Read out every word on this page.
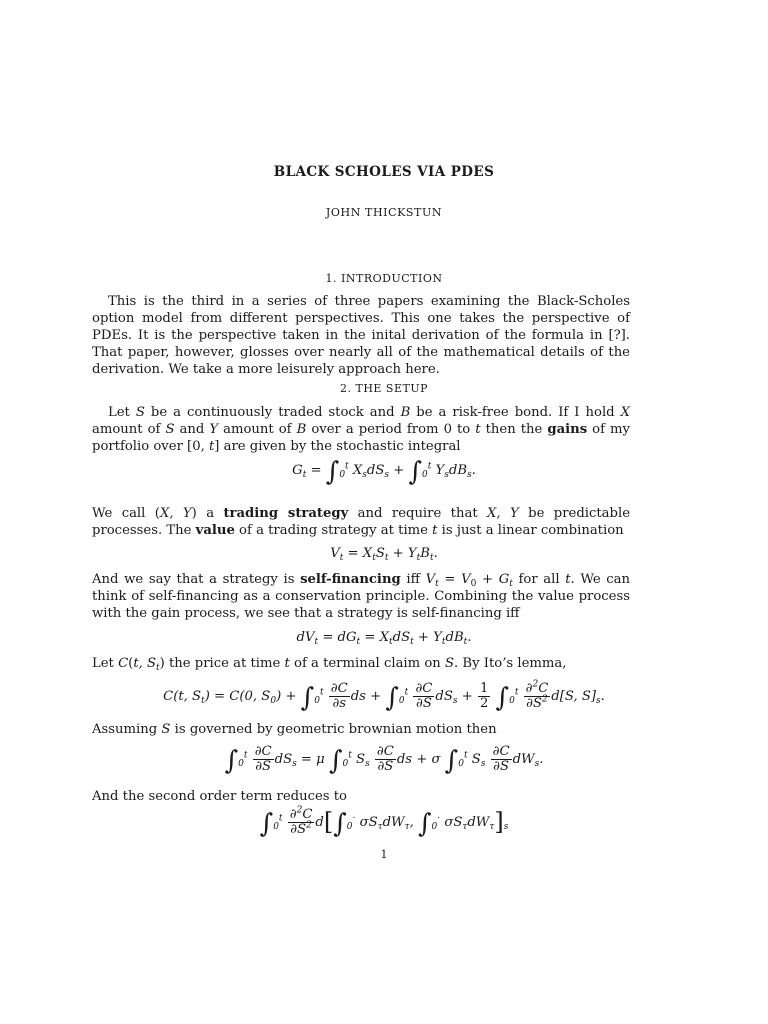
BLACK SCHOLES VIA PDES
JOHN THICKSTUN
1. INTRODUCTION
This is the third in a series of three papers examining the Black-Scholes option model from different perspectives. This one takes the perspective of PDEs. It is the perspective taken in the inital derivation of the formula in [?]. That paper, however, glosses over nearly all of the mathematical details of the derivation. We take a more leisurely approach here.
2. THE SETUP
Let S be a continuously traded stock and B be a risk-free bond. If I hold X amount of S and Y amount of B over a period from 0 to t then the gains of my portfolio over [0, t] are given by the stochastic integral
$G_t = \int_0^t$ $X_sdS_s + \int_0^t$ $Y_sdB_s$.
We call (X, Y) a trading strategy and require that X, Y be predictable processes. The value of a trading strategy at time t is just a linear combination
$V_t = X_tS_t + Y_tB_t$.
And we say that a strategy is self-financing iff $V_t = V_0 + G_t$ for all t. We can think of self-financing as a conservation principle. Combining the value process with the gain process, we see that a strategy is self-financing iff
$dV_t = dG_t = X_tdS_t + Y_tdB_t$.
Let C(t, $S_t$) the price at time t of a terminal claim on S. By Ito’s lemma,
C(t, $S_t) = C(0$, $S_0) + \int_0^t \frac{\partial C}{\partial s}$ ds + $\int_0^t \frac{\partial C}{\partial S} dS_s + \frac{1}{2} \int_0^t \frac{\partial^2C}{\partial S^2} d[S$, $S]_s$.
Assuming S is governed by geometric brownian motion then
$\int_0^t \frac{\partial C}{\partial S} dS_s = \mu$ $\int_0^t$ $S_s \frac{\partial C}{\partial S}$ ds + σ $\int_0^t$ $S_s \frac{\partial C}{\partial S} dW_s$.
And the second order term reduces to
$\int_0^t \frac{\partial^2C}{\partial S^2} d[\int_0^\cdot$ $\sigma S_\tau dW_\tau$, $\int_0^\cdot$ $\sigma S_\tau dW_\tau]_s$
1
